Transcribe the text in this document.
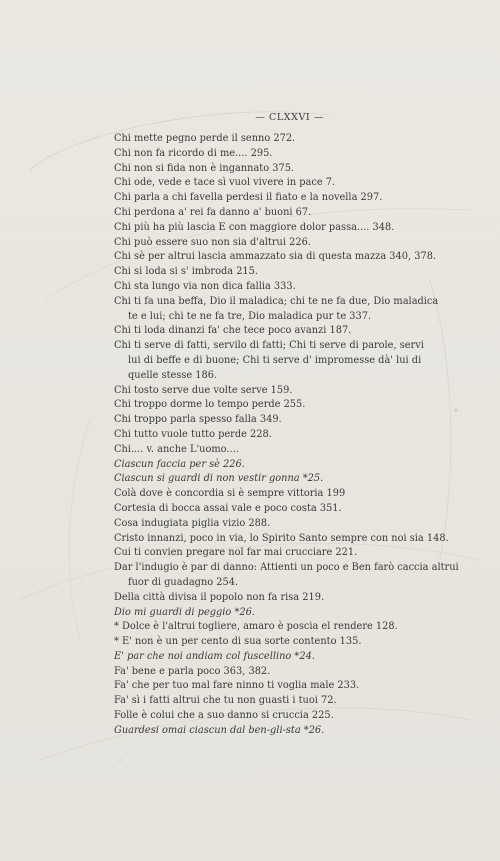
— CLXXVI —
Chi mette pegno perde il senno 272.
Chi non fa ricordo di me.... 295.
Chi non si fida non è ingannato 375.
Chi ode, vede e tace sì vuol vivere in pace 7.
Chi parla a chi favella perdesi il fiato e la novella 297.
Chi perdona a' rei fa danno a' buoni 67.
Chi più ha più lascia E con maggiore dolor passa.... 348.
Chi può essere suo non sia d'altrui 226.
Chi sè per altrui lascia ammazzato sia di questa mazza 340, 378.
Chi si loda si s' imbroda 215.
Chi sta lungo via non dica fallia 333.
Chi ti fa una beffa, Dio il maladica; chi te ne fa due, Dio maladica
te e lui; chi te ne fa tre, Dio maladica pur te 337.
Chi ti loda dinanzi fa' che tece poco avanzi 187.
Chi ti serve di fatti, servilo di fatti; Chi ti serve di parole, servi
lui di beffe e di buone; Chi ti serve d' impromesse dà' lui di
quelle stesse 186.
Chi tosto serve due volte serve 159.
Chi troppo dorme lo tempo perde 255.
Chi troppo parla spesso falla 349.
Chi tutto vuole tutto perde 228.
Chi.... v. anche L'uomo....
Ciascun faccia per sè 226.
Ciascun si guardi di non vestir gonna *25.
Colà dove è concordia si è sempre vittoria 199
Cortesia di bocca assai vale e poco costa 351.
Cosa indugiata piglia vizio 288.
Cristo innanzi, poco in via, lo Spirito Santo sempre con noi sia 148.
Cui ti convien pregare nol far mai crucciare 221.
Dar l'indugio è par di danno: Attienti un poco e Ben farò caccia altrui
fuor di guadagno 254.
Della città divisa il popolo non fa risa 219.
Dio mi guardi di peggio *26.
* Dolce è l'altrui togliere, amaro è poscia el rendere 128.
* E' non è un per cento di sua sorte contento 135.
E' par che noi andiam col fuscellino *24.
Fa' bene e parla poco 363, 382.
Fa' che per tuo mal fare ninno ti voglia male 233.
Fa' sì i fatti altrui che tu non guasti i tuoi 72.
Folle è colui che a suo danno si cruccia 225.
Guardesi omai ciascun dal ben-gli-sta *26.
